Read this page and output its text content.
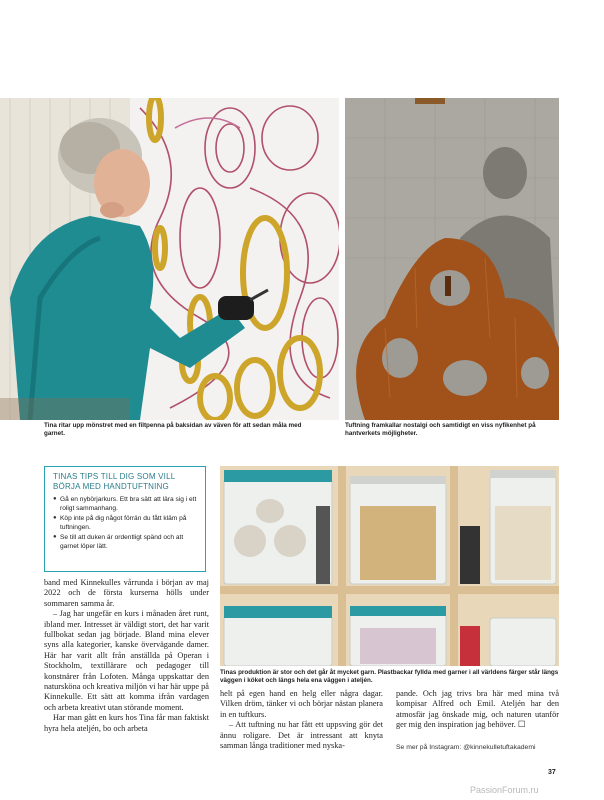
Tina ritar upp mönstret med en filtpenna på baksidan av väven för att sedan måla med garnet.
Tuftning framkallar nostalgi och samtidigt en viss nyfikenhet på hantverkets möjligheter.
TINAS TIPS TILL DIG SOM VILL BÖRJA MED HANDTUFTNING
● Gå en nybörjarkurs. Ett bra sätt att lära sig i ett roligt sammanhang.
● Köp inte på dig något förrän du fått kläm på tuftningen.
● Se till att duken är ordentligt spänd och att garnet löper lätt.
Tinas produktion är stor och det går åt mycket garn. Plastbackar fyllda med garner i all världens färger står längs väggen i köket och längs hela ena väggen i ateljén.

band med Kinnekulles vårrunda i början av maj 2022 och de första kurserna hölls under sommaren samma år.

– Jag har ungefär en kurs i månaden året runt, ibland mer. Intresset är väldigt stort, det har varit fullbokat sedan jag började. Bland mina elever syns alla kategorier, kanske övervägande damer. Här har varit allt från anställda på Operan i Stockholm, textillärare och pedagoger till konstnärer från Lofoten. Många uppskattar den natursköna och kreativa miljön vi har här uppe på Kinnekulle. Ett sätt att komma ifrån vardagen och arbeta kreativt utan störande moment.

Har man gått en kurs hos Tina får man faktiskt hyra hela ateljén, bo och arbeta

helt på egen hand en helg eller några dagar. Vilken dröm, tänker vi och börjar nästan planera in en tuftkurs.

– Att tuftning nu har fått ett uppsving gör det ännu roligare. Det är intressant att knyta samman långa traditioner med nyska-

pande. Och jag trivs bra här med mina två kompisar Alfred och Emil. Ateljén har den atmosfär jag önskade mig, och naturen utanför ger mig den inspiration jag behöver. ☐

Se mer på Instagram: @kinnekulletuftakademi
37
PassionForum.ru
